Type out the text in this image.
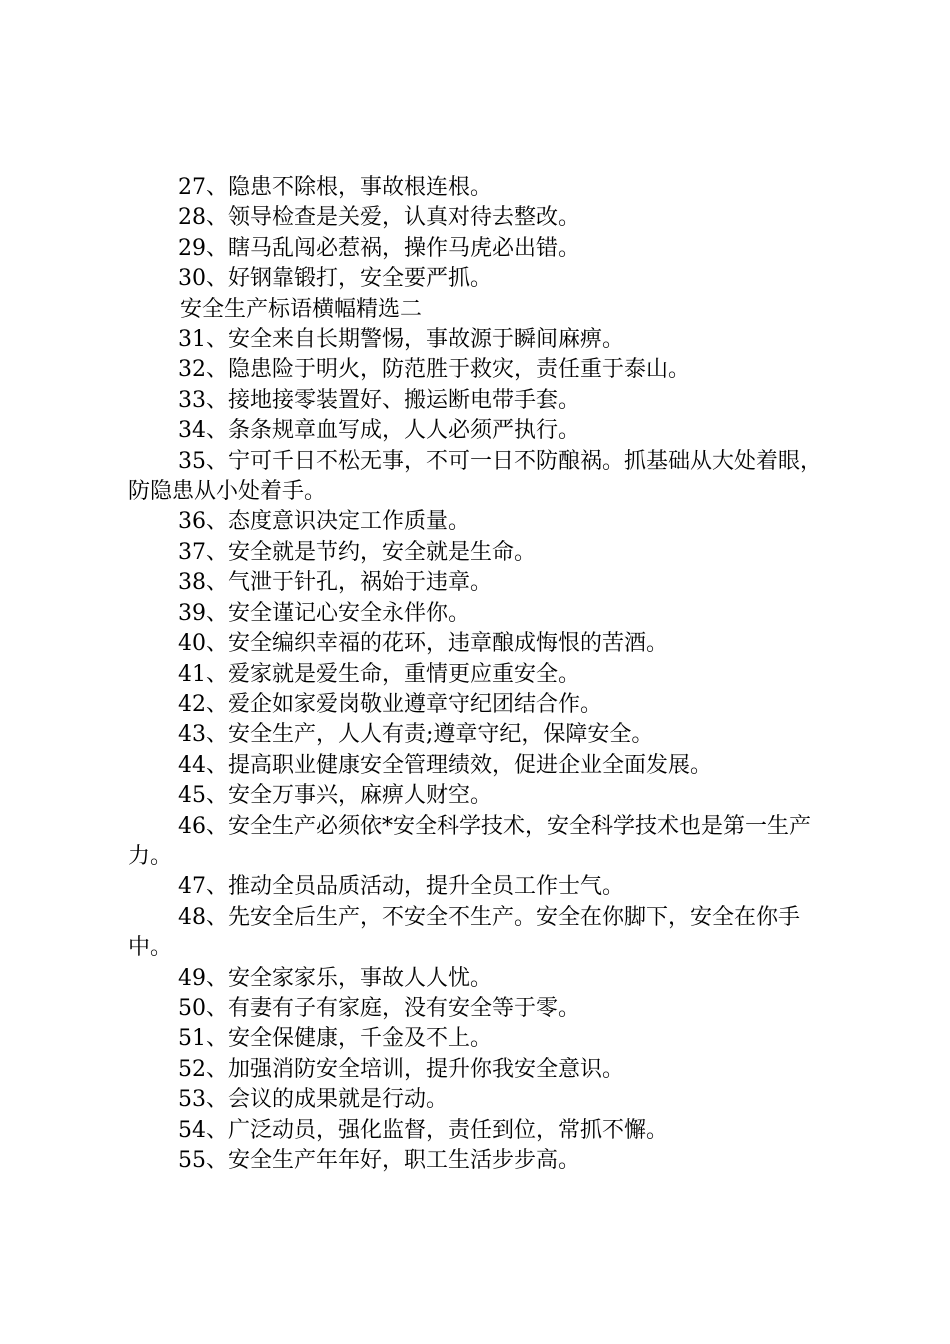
27、隐患不除根，事故根连根。

28、领导检查是关爱，认真对待去整改。

29、瞎马乱闯必惹祸，操作马虎必出错。

30、好钢靠锻打，安全要严抓。

安全生产标语横幅精选二

31、安全来自长期警惕，事故源于瞬间麻痹。

32、隐患险于明火，防范胜于救灾，责任重于泰山。

33、接地接零装置好、搬运断电带手套。

34、条条规章血写成，人人必须严执行。

35、宁可千日不松无事，不可一日不防酿祸。抓基础从大处着眼，防隐患从小处着手。

36、态度意识决定工作质量。

37、安全就是节约，安全就是生命。

38、气泄于针孔，祸始于违章。

39、安全谨记心安全永伴你。

40、安全编织幸福的花环，违章酿成悔恨的苦酒。

41、爱家就是爱生命，重情更应重安全。

42、爱企如家爱岗敬业遵章守纪团结合作。

43、安全生产，人人有责;遵章守纪，保障安全。

44、提高职业健康安全管理绩效，促进企业全面发展。

45、安全万事兴，麻痹人财空。

46、安全生产必须依*安全科学技术，安全科学技术也是第一生产力。

47、推动全员品质活动，提升全员工作士气。

48、先安全后生产，不安全不生产。安全在你脚下，安全在你手中。

49、安全家家乐，事故人人忧。

50、有妻有子有家庭，没有安全等于零。

51、安全保健康，千金及不上。

52、加强消防安全培训，提升你我安全意识。

53、会议的成果就是行动。

54、广泛动员，强化监督，责任到位，常抓不懈。

55、安全生产年年好，职工生活步步高。
